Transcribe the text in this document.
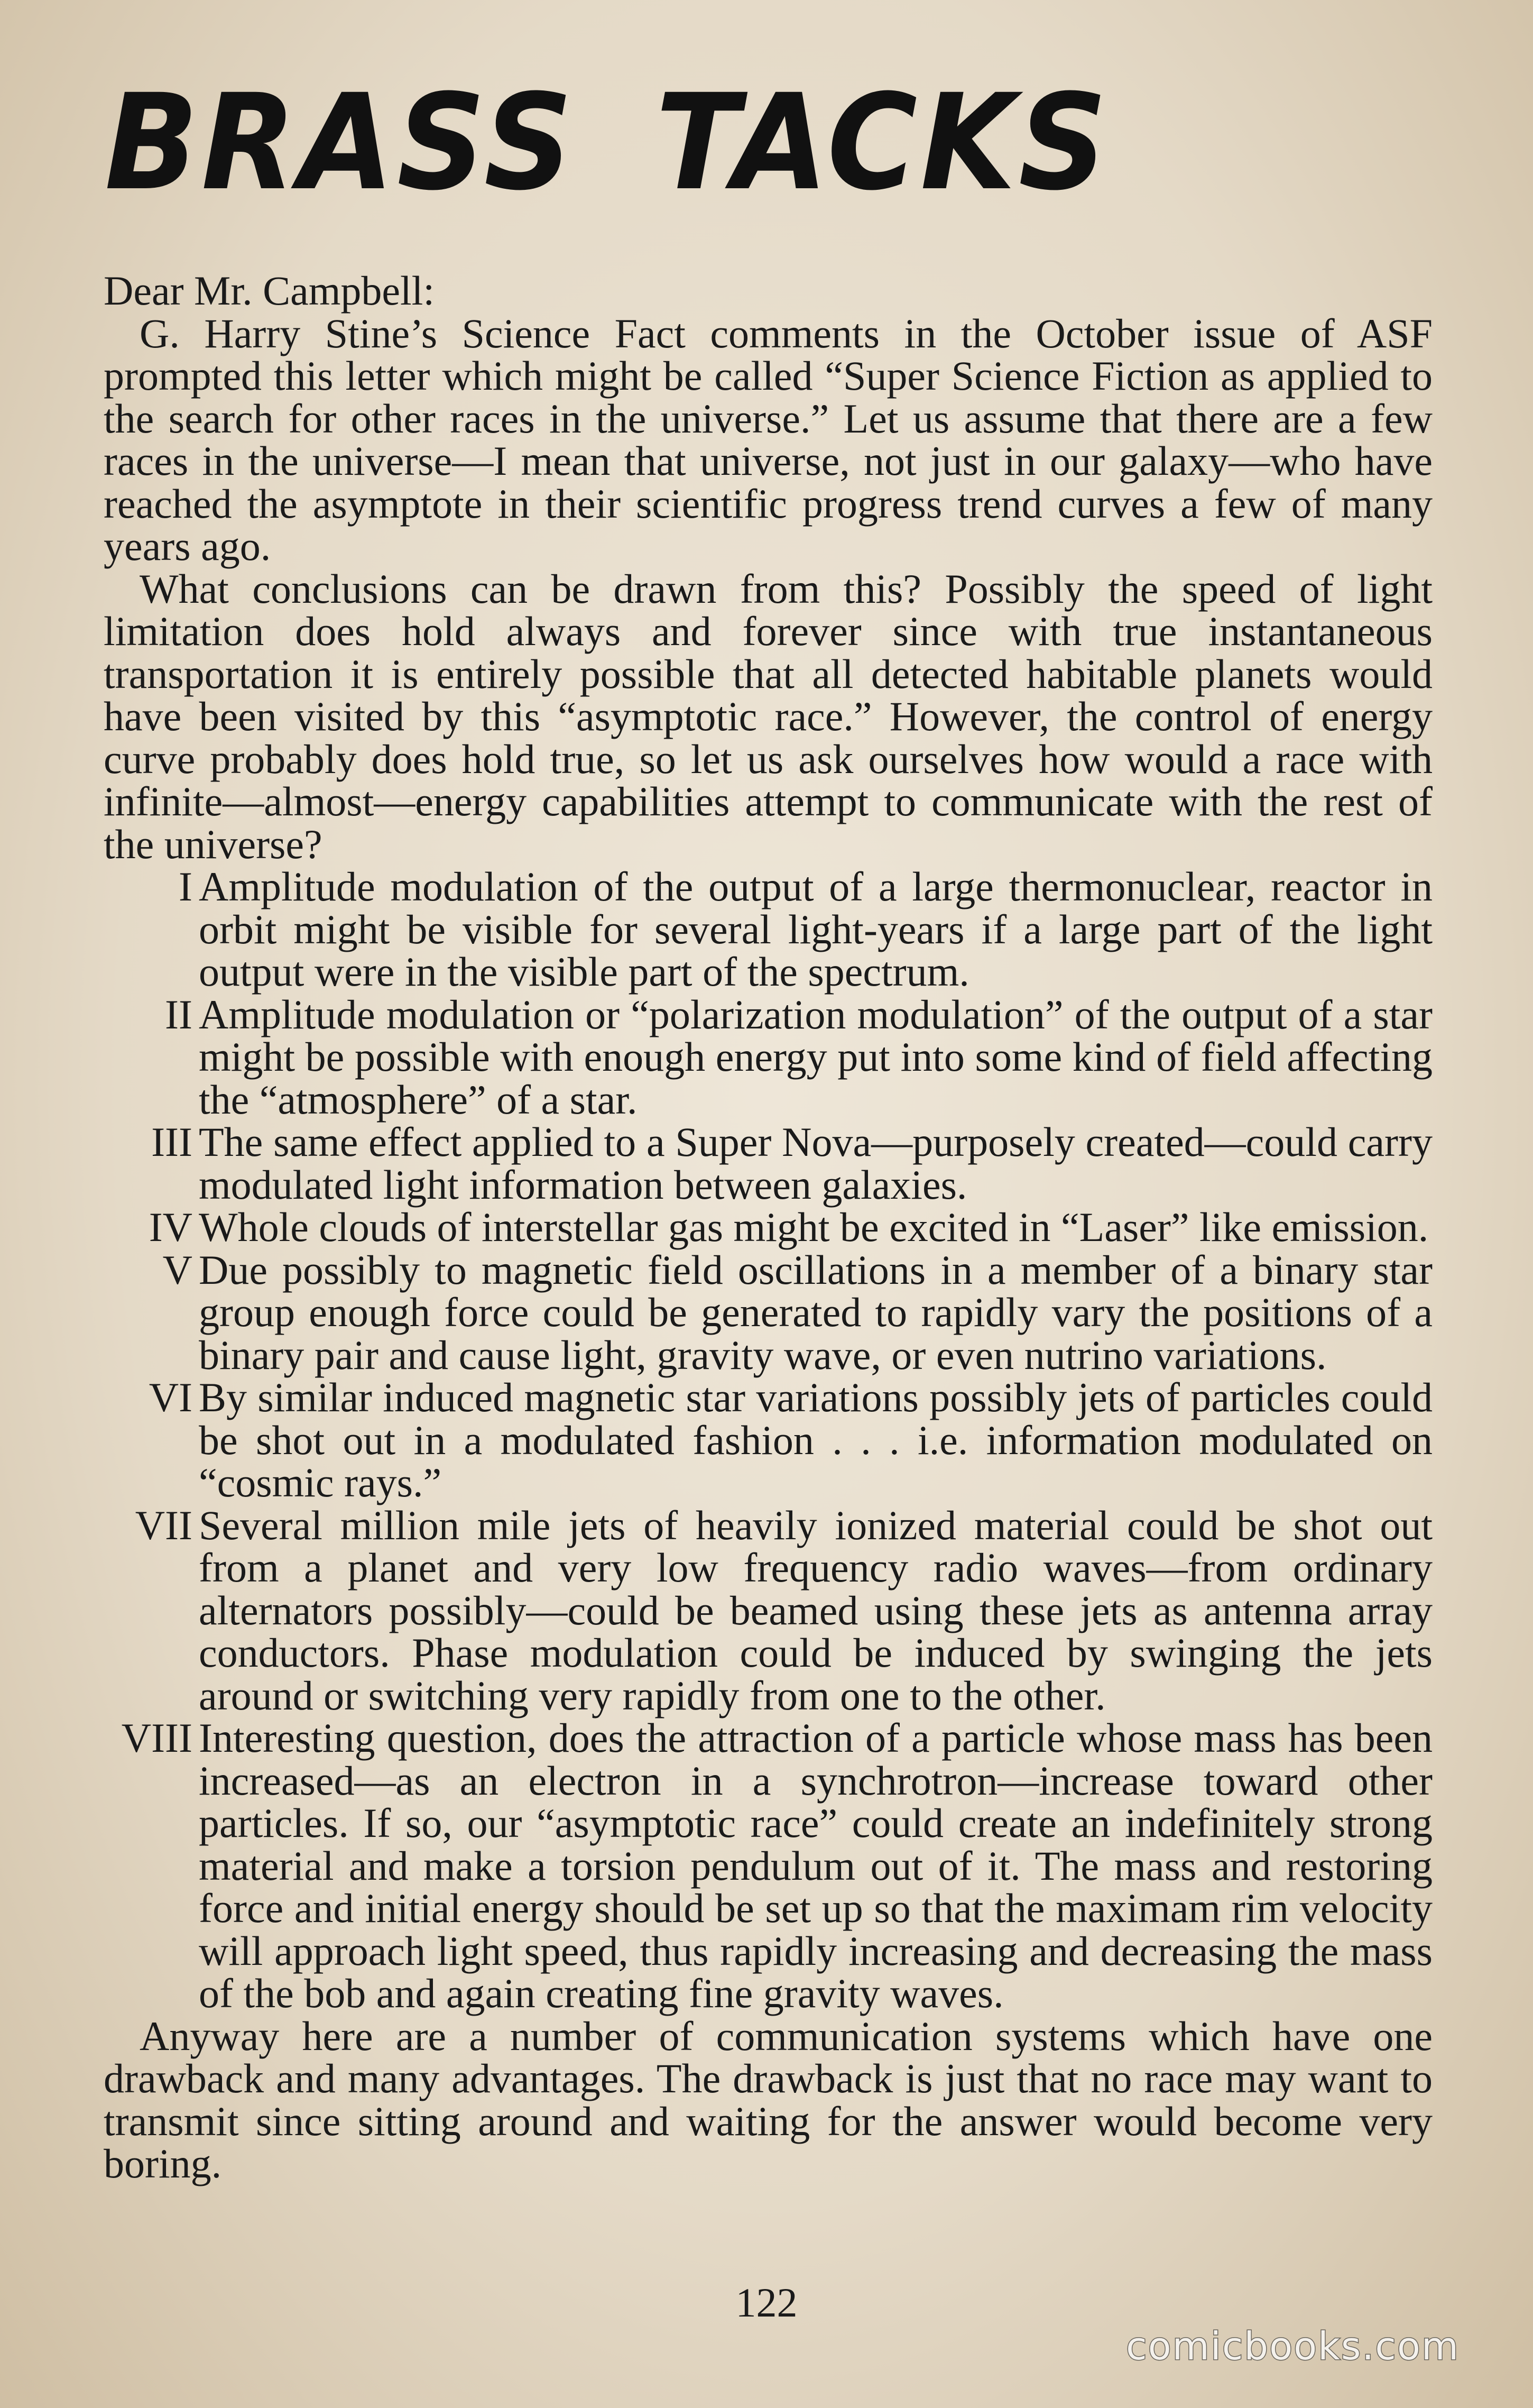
BRASS TACKS

Dear Mr. Campbell:

G. Harry Stine’s Science Fact comments in the October issue of ASF prompted this letter which might be called “Super Science Fiction as applied to the search for other races in the universe.” Let us assume that there are a few races in the universe—I mean that universe, not just in our galaxy—who have reached the asymptote in their scientific progress trend curves a few of many years ago.

What conclusions can be drawn from this? Possibly the speed of light limitation does hold always and forever since with true instantaneous transportation it is entirely possible that all detected habitable planets would have been visited by this “asymptotic race.” However, the control of energy curve probably does hold true, so let us ask ourselves how would a race with infinite—almost—energy capabilities attempt to communicate with the rest of the universe?

I Amplitude modulation of the output of a large thermonuclear, reactor in orbit might be visible for several light-years if a large part of the light output were in the visible part of the spectrum.
II Amplitude modulation or “polarization modulation” of the output of a star might be possible with enough energy put into some kind of field affecting the “atmosphere” of a star.
III The same effect applied to a Super Nova—purposely created—could carry modulated light information between galaxies.
IV Whole clouds of interstellar gas might be excited in “Laser” like emission.
V Due possibly to magnetic field oscillations in a member of a binary star group enough force could be generated to rapidly vary the positions of a binary pair and cause light, gravity wave, or even nutrino variations.
VI By similar induced magnetic star variations possibly jets of particles could be shot out in a modulated fashion . . . i.e. information modulated on “cosmic rays.”
VII Several million mile jets of heavily ionized material could be shot out from a planet and very low frequency radio waves—from ordinary alternators possibly—could be beamed using these jets as antenna array conductors. Phase modulation could be induced by swinging the jets around or switching very rapidly from one to the other.
VIII Interesting question, does the attraction of a particle whose mass has been increased—as an electron in a synchrotron—increase toward other particles. If so, our “asymptotic race” could create an indefinitely strong material and make a torsion pendulum out of it. The mass and restoring force and initial energy should be set up so that the maximam rim velocity will approach light speed, thus rapidly increasing and decreasing the mass of the bob and again creating fine gravity waves.

Anyway here are a number of communication systems which have one drawback and many advantages. The drawback is just that no race may want to transmit since sitting around and waiting for the answer would become very boring.

122
comicbooks.com
